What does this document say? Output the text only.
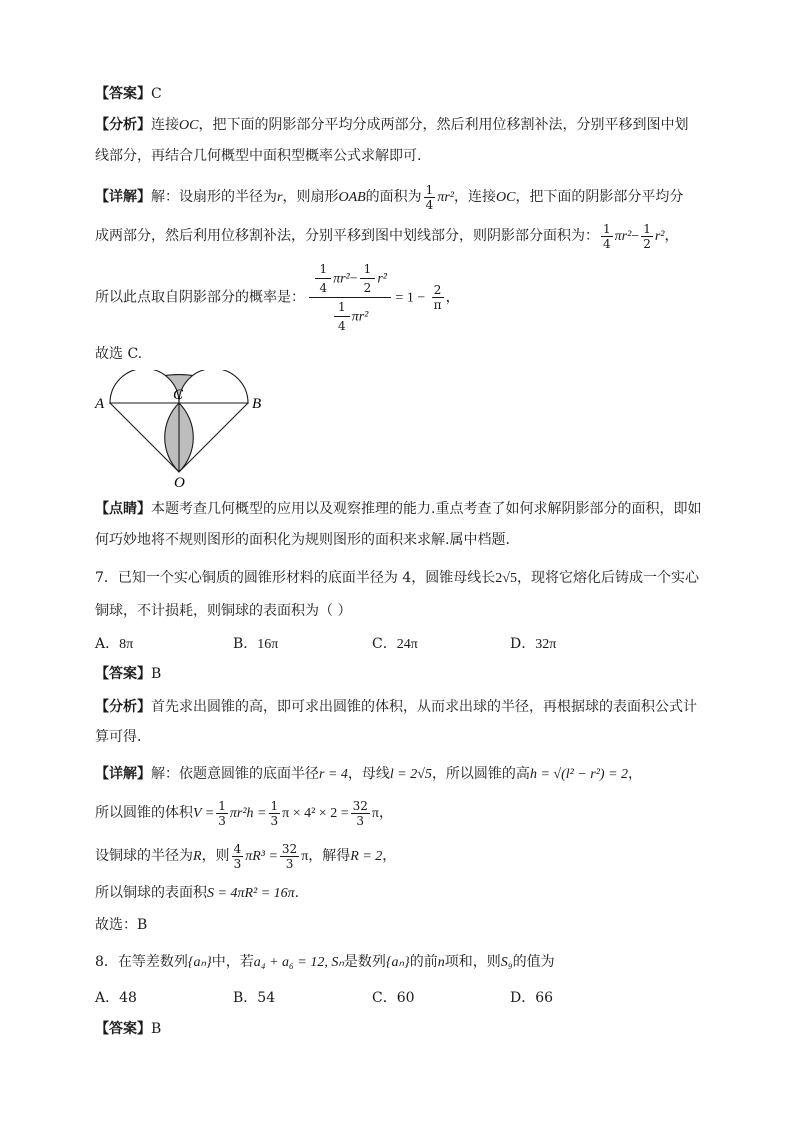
【答案】C
【分析】连接OC，把下面的阴影部分平均分成两部分，然后利用位移割补法，分别平移到图中划
线部分，再结合几何概型中面积型概率公式求解即可.
【详解】解：设扇形的半径为r，则扇形OAB的面积为 $\frac{1}{4} \pi r^2$，连接OC，把下面的阴影部分平均分
成两部分，然后利用位移割补法，分别平移到图中划线部分，则阴影部分面积为： $\frac{1}{4} \pi r^2- \frac{1}{2} r^2$，
所以此点取自阴影部分的概率是： $\frac{\frac{1}{4} \pi r^2- \frac{1}{2} r^2}{\frac{1}{4} \pi r^2} = 1 - \frac{2}{\pi}$ ，
故选 C.
A	B
C
O
【点睛】本题考查几何概型的应用以及观察推理的能力.重点考查了如何求解阴影部分的面积，即如
何巧妙地将不规则图形的面积化为规则图形的面积来求解.属中档题.
7．已知一个实心铜质的圆锥形材料的底面半径为 4，圆锥母线长2√5，现将它熔化后铸成一个实心
铜球，不计损耗，则铜球的表面积为（ ）
A．8π	B．16π	C．24π	D．32π
【答案】B
【分析】首先求出圆锥的高，即可求出圆锥的体积，从而求出球的半径，再根据球的表面积公式计
算可得.
【详解】解：依题意圆锥的底面半径r = 4，母线l = 2√5，所以圆锥的高h = √(l² − r²) = 2，
所以圆锥的体积$V = \frac{1}{3} \pi r^2h = \frac{1}{3}$ $\pi \times 4^2 \times 2 = \frac{32}{3}$ π，
设铜球的半径为R，则 $\frac{4}{3} \pi R^3 = \frac{32}{3}$ π，解得R = 2，
所以铜球的表面积S = 4πR² = 16π.
故选：B
8．在等差数列{aₙ}中，若a₄ + a₆ = 12, Sₙ是数列{aₙ}的前n项和，则S₉的值为
A．48	B．54	C．60	D．66
【答案】B
